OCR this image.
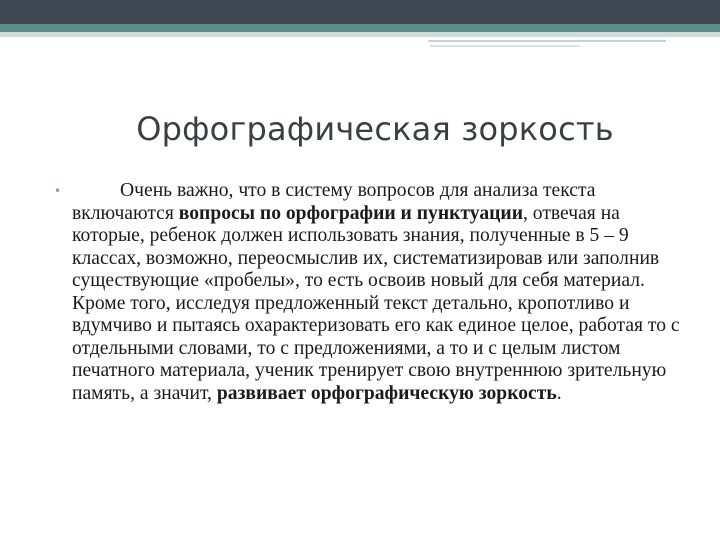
Орфографическая зоркость
•	Очень важно, что в систему вопросов для анализа текста включаются вопросы по орфографии и пунктуации, отвечая на которые, ребенок должен использовать знания, полученные в 5 – 9 классах, возможно, переосмыслив их, систематизировав или заполнив существующие «пробелы», то есть освоив новый для себя материал. Кроме того, исследуя предложенный текст детально, кропотливо и вдумчиво и пытаясь охарактеризовать его как единое целое, работая то с отдельными словами, то с предложениями, а то и с целым листом печатного материала, ученик тренирует свою внутреннюю зрительную память, а значит, развивает орфографическую зоркость.
